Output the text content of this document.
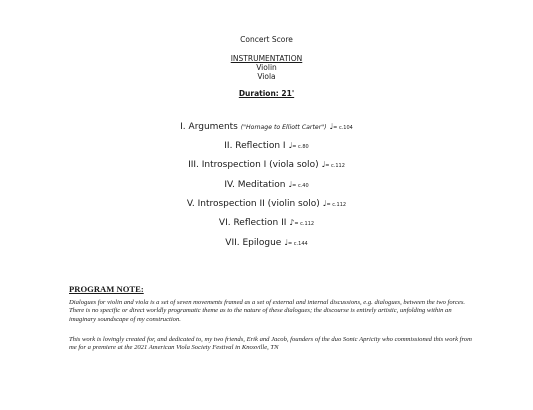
Concert Score
INSTRUMENTATION
Violin
Viola
Duration: 21'
I. Arguments ("Homage to Elliott Carter") ♩= c.104
II. Reflection I ♩= c.80
III. Introspection I (viola solo) ♩= c.112
IV. Meditation ♩= c.40
V. Introspection II (violin solo) ♩= c.112
VI. Reflection II ♪= c.112
VII. Epilogue ♩= c.144
PROGRAM NOTE:
Dialogues for violin and viola is a set of seven movements framed as a set of external and internal discussions, e.g. dialogues, between the two forces. There is no specific or direct worldly programatic theme as to the nature of these dialogues; the discourse is entirely artistic, unfolding within an imaginary soundscape of my construction.
This work is lovingly created for, and dedicated to, my two friends, Erik and Jacob, founders of the duo Sonic Apricity who commissioned this work from me for a premiere at the 2021 American Viola Society Festival in Knoxville, TN
